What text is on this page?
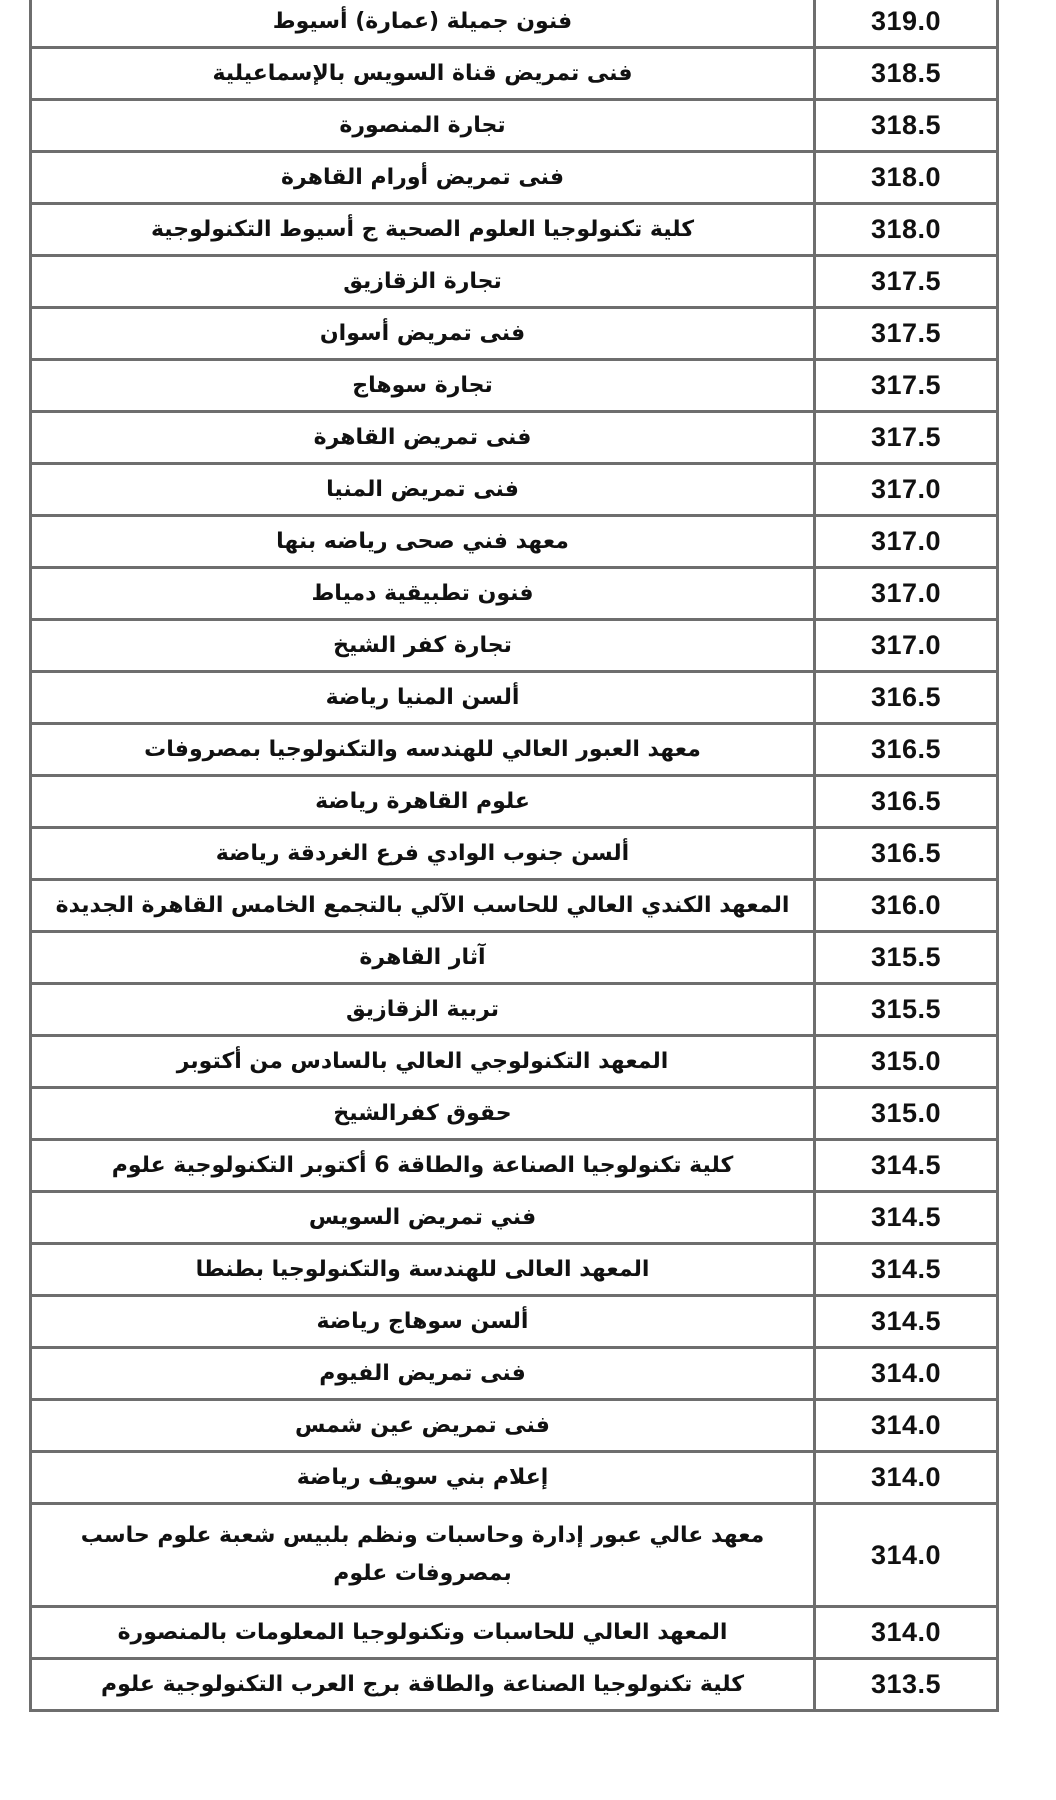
فنون جميلة (عمارة) أسيوط	319.0
فنى تمريض قناة السويس بالإسماعيلية	318.5
تجارة المنصورة	318.5
فنى تمريض أورام القاهرة	318.0
كلية تكنولوجيا العلوم الصحية ج أسيوط التكنولوجية	318.0
تجارة الزقازيق	317.5
فنى تمريض أسوان	317.5
تجارة سوهاج	317.5
فنى تمريض القاهرة	317.5
فنى تمريض المنيا	317.0
معهد فني صحى رياضه بنها	317.0
فنون تطبيقية دمياط	317.0
تجارة كفر الشيخ	317.0
ألسن المنيا رياضة	316.5
معهد العبور العالي للهندسه والتكنولوجيا بمصروفات	316.5
علوم القاهرة رياضة	316.5
ألسن جنوب الوادي فرع الغردقة رياضة	316.5
المعهد الكندي العالي للحاسب الآلي بالتجمع الخامس القاهرة الجديدة	316.0
آثار القاهرة	315.5
تربية الزقازيق	315.5
المعهد التكنولوجي العالي بالسادس من أكتوبر	315.0
حقوق كفرالشيخ	315.0
كلية تكنولوجيا الصناعة والطاقة 6 أكتوبر التكنولوجية علوم	314.5
فني تمريض السويس	314.5
المعهد العالى للهندسة والتكنولوجيا بطنطا	314.5
ألسن سوهاج رياضة	314.5
فنى تمريض الفيوم	314.0
فنى تمريض عين شمس	314.0
إعلام بني سويف رياضة	314.0
معهد عالي عبور إدارة وحاسبات ونظم بلبيس شعبة علوم حاسب بمصروفات علوم	314.0
المعهد العالي للحاسبات وتكنولوجيا المعلومات بالمنصورة	314.0
كلية تكنولوجيا الصناعة والطاقة برج العرب التكنولوجية علوم	313.5
